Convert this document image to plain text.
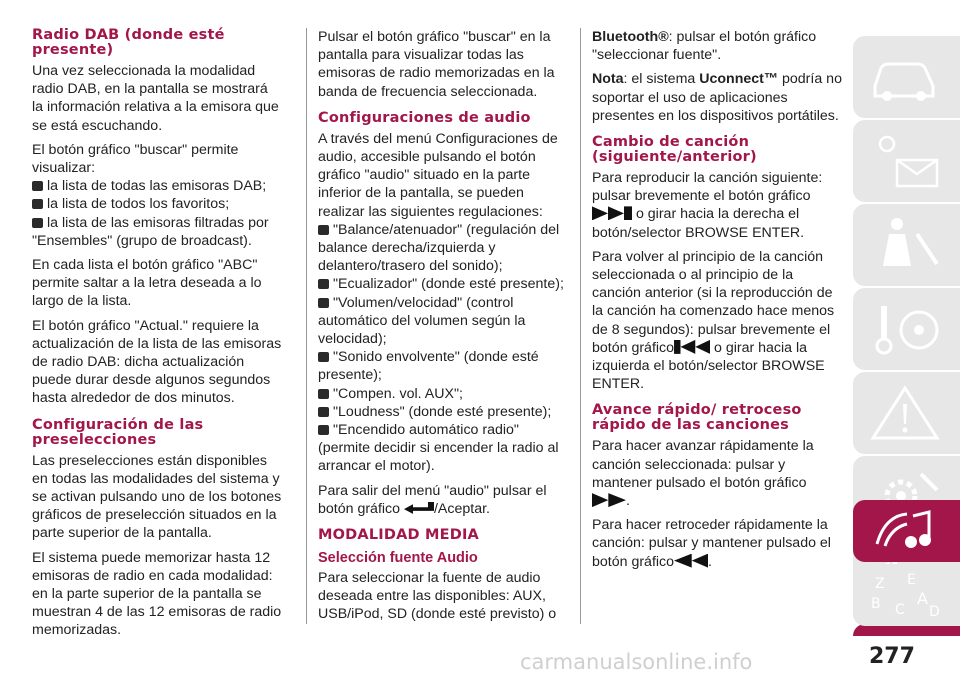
Radio DAB (donde esté presente)

Una vez seleccionada la modalidad radio DAB, en la pantalla se mostrará la información relativa a la emisora que se está escuchando.

El botón gráfico "buscar" permite visualizar:

la lista de todas las emisoras DAB;
la lista de todos los favoritos;
la lista de las emisoras filtradas por "Ensembles" (grupo de broadcast).

En cada lista el botón gráfico "ABC" permite saltar a la letra deseada a lo largo de la lista.

El botón gráfico "Actual." requiere la actualización de la lista de las emisoras de radio DAB: dicha actualización puede durar desde algunos segundos hasta alrededor de dos minutos.

Configuración de las preselecciones

Las preselecciones están disponibles en todas las modalidades del sistema y se activan pulsando uno de los botones gráficos de preselección situados en la parte superior de la pantalla.

El sistema puede memorizar hasta 12 emisoras de radio en cada modalidad: en la parte superior de la pantalla se muestran 4 de las 12 emisoras de radio memorizadas.

Pulsar el botón gráfico "buscar" en la pantalla para visualizar todas las emisoras de radio memorizadas en la banda de frecuencia seleccionada.

Configuraciones de audio

A través del menú Configuraciones de audio, accesible pulsando el botón gráfico "audio" situado en la parte inferior de la pantalla, se pueden realizar las siguientes regulaciones:

"Balance/atenuador" (regulación del balance derecha/izquierda y delantero/trasero del sonido);
"Ecualizador" (donde esté presente);
"Volumen/velocidad" (control automático del volumen según la velocidad);
"Sonido envolvente" (donde esté presente);
"Compen. vol. AUX";
"Loudness" (donde esté presente);
"Encendido automático radio" (permite decidir si encender la radio al arrancar el motor).

Para salir del menú "audio" pulsar el botón gráfico /Aceptar.

MODALIDAD MEDIA
Selección fuente Audio

Para seleccionar la fuente de audio deseada entre las disponibles: AUX, USB/iPod, SD (donde esté previsto) o

Bluetooth®: pulsar el botón gráfico "seleccionar fuente".

Nota: el sistema Uconnect™ podría no soportar el uso de aplicaciones presentes en los dispositivos portátiles.

Cambio de canción (siguiente/anterior)

Para reproducir la canción siguiente: pulsar brevemente el botón gráfico
o girar hacia la derecha el botón/selector BROWSE ENTER.

Para volver al principio de la canción seleccionada o al principio de la canción anterior (si la reproducción de la canción ha comenzado hace menos de 8 segundos): pulsar brevemente el botón gráfico	o girar hacia la izquierda el botón/selector BROWSE ENTER.

Avance rápido/ retroceso rápido de las canciones

Para hacer avanzar rápidamente la canción seleccionada: pulsar y mantener pulsado el botón gráfico
.

Para hacer retroceder rápidamente la canción: pulsar y mantener pulsado el botón gráfico .

Z E
B C
A
D
277
carmanualsonline.info
